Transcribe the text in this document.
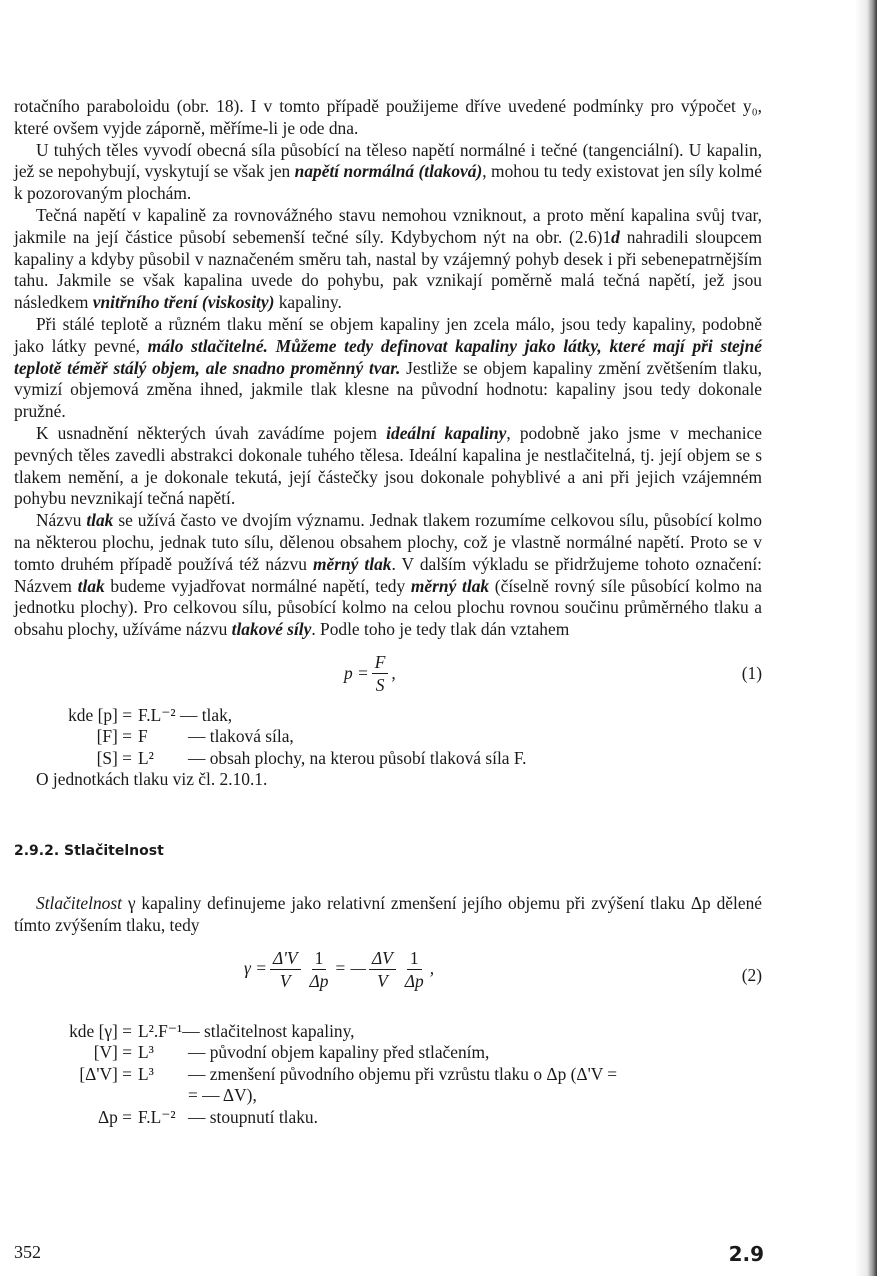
rotačního paraboloidu (obr. 18). I v tomto případě použijeme dříve uvedené podmínky pro výpočet y₀, které ovšem vyjde záporně, měříme-li je ode dna.

U tuhých těles vyvodí obecná síla působící na těleso napětí normálné i tečné (tangenciální). U kapalin, jež se nepohybují, vyskytují se však jen napětí normálná (tlaková), mohou tu tedy existovat jen síly kolmé k pozorovaným plochám.

Tečná napětí v kapalině za rovnovážného stavu nemohou vzniknout, a proto mění kapalina svůj tvar, jakmile na její částice působí sebemenší tečné síly. Kdybychom nýt na obr. (2.6)1d nahradili sloupcem kapaliny a kdyby působil v naznačeném směru tah, nastal by vzájemný pohyb desek i při sebenepatrnějším tahu. Jakmile se však kapalina uvede do pohybu, pak vznikají poměrně malá tečná napětí, jež jsou následkem vnitřního tření (viskosity) kapaliny.

Při stálé teplotě a různém tlaku mění se objem kapaliny jen zcela málo, jsou tedy kapaliny, podobně jako látky pevné, málo stlačitelné. Můžeme tedy definovat kapaliny jako látky, které mají při stejné teplotě téměř stálý objem, ale snadno proměnný tvar. Jestliže se objem kapaliny změní zvětšením tlaku, vymizí objemová změna ihned, jakmile tlak klesne na původní hodnotu: kapaliny jsou tedy dokonale pružné.

K usnadnění některých úvah zavádíme pojem ideální kapaliny, podobně jako jsme v mechanice pevných těles zavedli abstrakci dokonale tuhého tělesa. Ideální kapalina je nestlačitelná, tj. její objem se s tlakem nemění, a je dokonale tekutá, její částečky jsou dokonale pohyblivé a ani při jejich vzájemném pohybu nevznikají tečná napětí.

Názvu tlak se užívá často ve dvojím významu. Jednak tlakem rozumíme celkovou sílu, působící kolmo na některou plochu, jednak tuto sílu, dělenou obsahem plochy, což je vlastně normálné napětí. Proto se v tomto druhém případě používá též názvu měrný tlak. V dalším výkladu se přidržujeme tohoto označení: Názvem tlak budeme vyjadřovat normálné napětí, tedy měrný tlak (číselně rovný síle působící kolmo na jednotku plochy). Pro celkovou sílu, působící kolmo na celou plochu rovnou součinu průměrného tlaku a obsahu plochy, užíváme názvu tlakové síly. Podle toho je tedy tlak dán vztahem

$p = \frac{F}{S}$ ,	(1)
kde [p] = F.L⁻² — tlak,
[F] = F	— tlaková síla,
[S] = L²	— obsah plochy, na kterou působí tlaková síla F.

O jednotkách tlaku viz čl. 2.10.1.

2.9.2. Stlačitelnost

Stlačitelnost γ kapaliny definujeme jako relativní zmenšení jejího objemu při zvýšení tlaku Δp dělené tímto zvýšením tlaku, tedy

$\gamma = \frac{\Delta'V}{V} \frac{1}{\Delta p}$ = — $\frac{\Delta V}{V} \frac{1}{\Delta p}$ ,	(2)
kde [γ] = L².F⁻¹— stlačitelnost kapaliny,
[V] = L³	— původní objem kapaliny před stlačením,
[Δ'V] = L³	— zmenšení původního objemu při vzrůstu tlaku o Δp (Δ'V =
= — ΔV),
Δp = F.L⁻² — stoupnutí tlaku.
352	2.9
